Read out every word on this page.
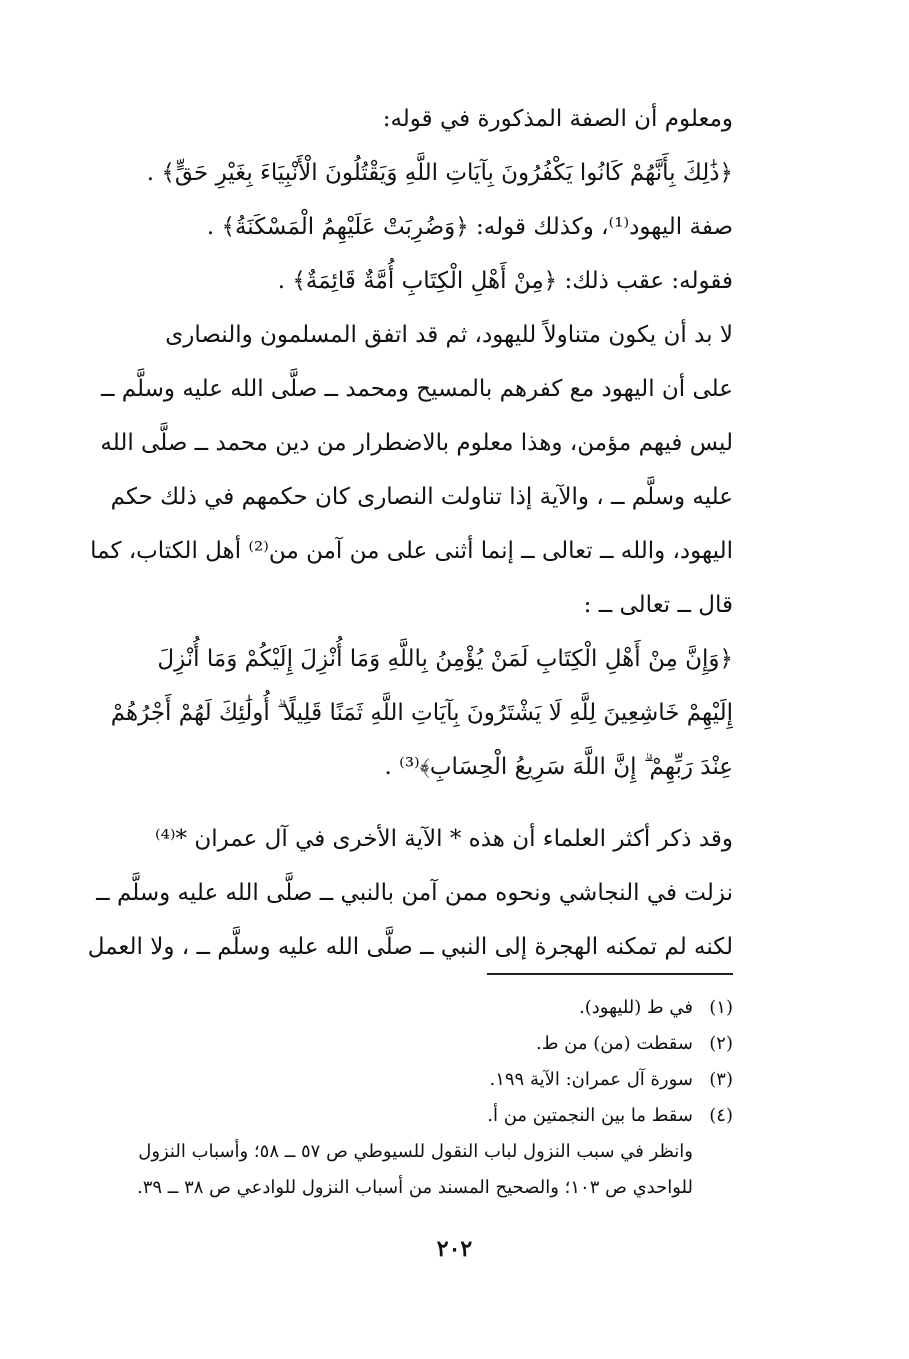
ومعلوم أن الصفة المذكورة في قوله:
﴿ذَٰلِكَ بِأَنَّهُمْ كَانُوا يَكْفُرُونَ بِآيَاتِ اللَّهِ وَيَقْتُلُونَ الْأَنْبِيَاءَ بِغَيْرِ حَقٍّ﴾ .
صفة اليهود⁽¹⁾، وكذلك قوله: ﴿وَضُرِبَتْ عَلَيْهِمُ الْمَسْكَنَةُ﴾ .
فقوله: عقب ذلك: ﴿مِنْ أَهْلِ الْكِتَابِ أُمَّةٌ قَائِمَةٌ﴾ .
لا بد أن يكون متناولاً لليهود، ثم قد اتفق المسلمون والنصارى
على أن اليهود مع كفرهم بالمسيح ومحمد ــ صلَّى الله عليه وسلَّم ــ
ليس فيهم مؤمن، وهذا معلوم بالاضطرار من دين محمد ــ صلَّى الله
عليه وسلَّم ــ ، والآية إذا تناولت النصارى كان حكمهم في ذلك حكم
اليهود، والله ــ تعالى ــ إنما أثنى على من آمن من⁽²⁾ أهل الكتاب، كما
قال ــ تعالى ــ :
﴿وَإِنَّ مِنْ أَهْلِ الْكِتَابِ لَمَنْ يُؤْمِنُ بِاللَّهِ وَمَا أُنْزِلَ إِلَيْكُمْ وَمَا أُنْزِلَ
إِلَيْهِمْ خَاشِعِينَ لِلَّهِ لَا يَشْتَرُونَ بِآيَاتِ اللَّهِ ثَمَنًا قَلِيلًا ۗ أُولَٰئِكَ لَهُمْ أَجْرُهُمْ
عِنْدَ رَبِّهِمْ ۗ إِنَّ اللَّهَ سَرِيعُ الْحِسَابِ﴾⁽³⁾ .
وقد ذكر أكثر العلماء أن هذه * الآية الأخرى في آل عمران *⁽⁴⁾
نزلت في النجاشي ونحوه ممن آمن بالنبي ــ صلَّى الله عليه وسلَّم ــ
لكنه لم تمكنه الهجرة إلى النبي ــ صلَّى الله عليه وسلَّم ــ ، ولا العمل
(١)
في ط (لليهود).
(٢)
سقطت (من) من ط.
(٣)
سورة آل عمران: الآية ١٩٩.
(٤)
سقط ما بين النجمتين من أ.
وانظر في سبب النزول لباب النقول للسيوطي ص ٥٧ ــ ٥٨؛ وأسباب النزول
للواحدي ص ١٠٣؛ والصحيح المسند من أسباب النزول للوادعي ص ٣٨ ــ ٣٩.
٢٠٢
